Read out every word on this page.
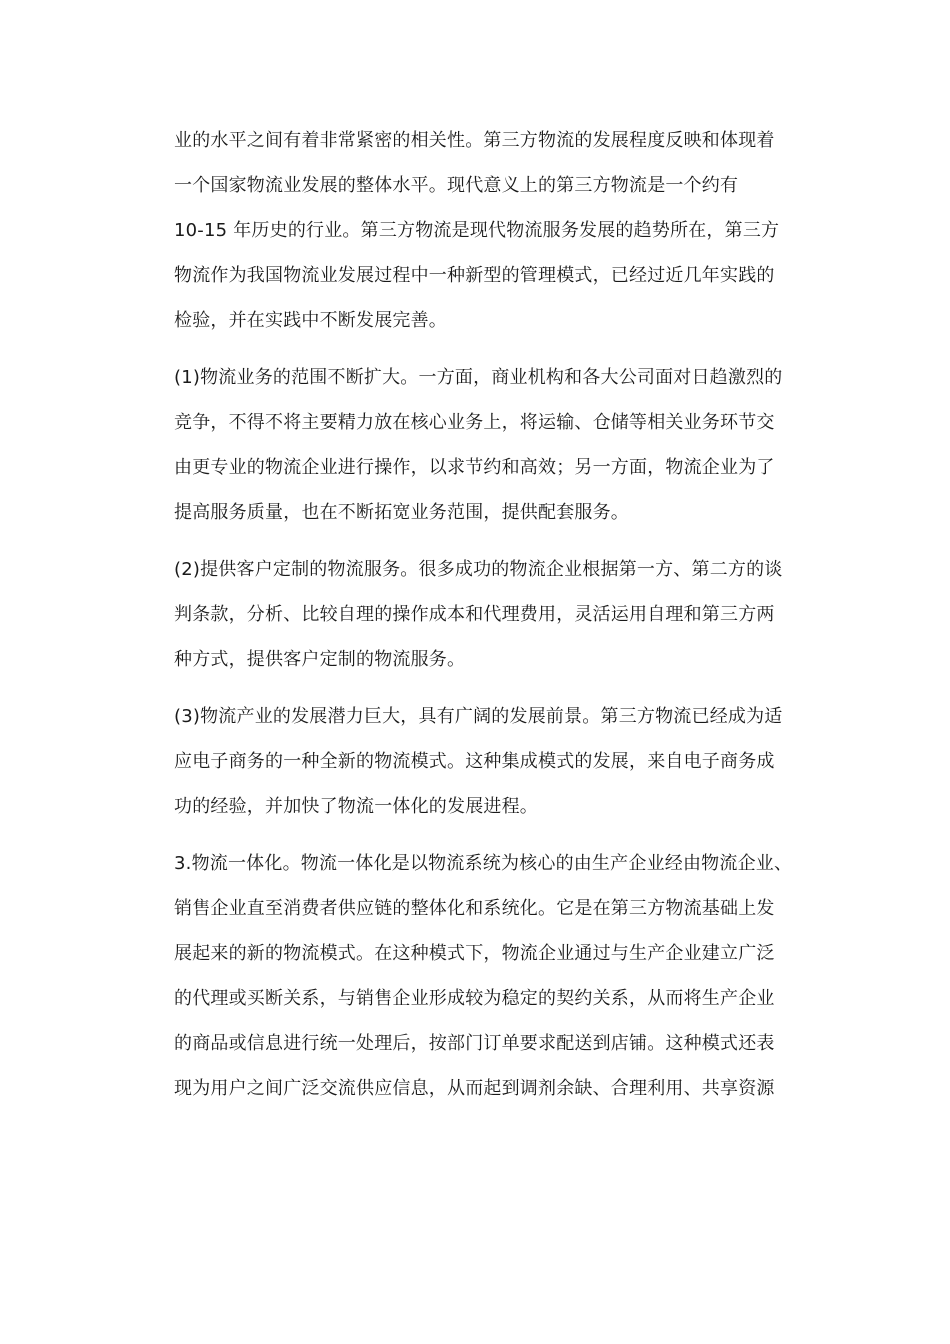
业的水平之间有着非常紧密的相关性。第三方物流的发展程度反映和体现着
一个国家物流业发展的整体水平。现代意义上的第三方物流是一个约有
10-15 年历史的行业。第三方物流是现代物流服务发展的趋势所在，第三方
物流作为我国物流业发展过程中一种新型的管理模式，已经过近几年实践的
检验，并在实践中不断发展完善。
(1)物流业务的范围不断扩大。一方面，商业机构和各大公司面对日趋激烈的
竞争，不得不将主要精力放在核心业务上，将运输、仓储等相关业务环节交
由更专业的物流企业进行操作，以求节约和高效；另一方面，物流企业为了
提高服务质量，也在不断拓宽业务范围，提供配套服务。
(2)提供客户定制的物流服务。很多成功的物流企业根据第一方、第二方的谈
判条款，分析、比较自理的操作成本和代理费用，灵活运用自理和第三方两
种方式，提供客户定制的物流服务。
(3)物流产业的发展潜力巨大，具有广阔的发展前景。第三方物流已经成为适
应电子商务的一种全新的物流模式。这种集成模式的发展，来自电子商务成
功的经验，并加快了物流一体化的发展进程。
3.物流一体化。物流一体化是以物流系统为核心的由生产企业经由物流企业、
销售企业直至消费者供应链的整体化和系统化。它是在第三方物流基础上发
展起来的新的物流模式。在这种模式下，物流企业通过与生产企业建立广泛
的代理或买断关系，与销售企业形成较为稳定的契约关系，从而将生产企业
的商品或信息进行统一处理后，按部门订单要求配送到店铺。这种模式还表
现为用户之间广泛交流供应信息，从而起到调剂余缺、合理利用、共享资源
